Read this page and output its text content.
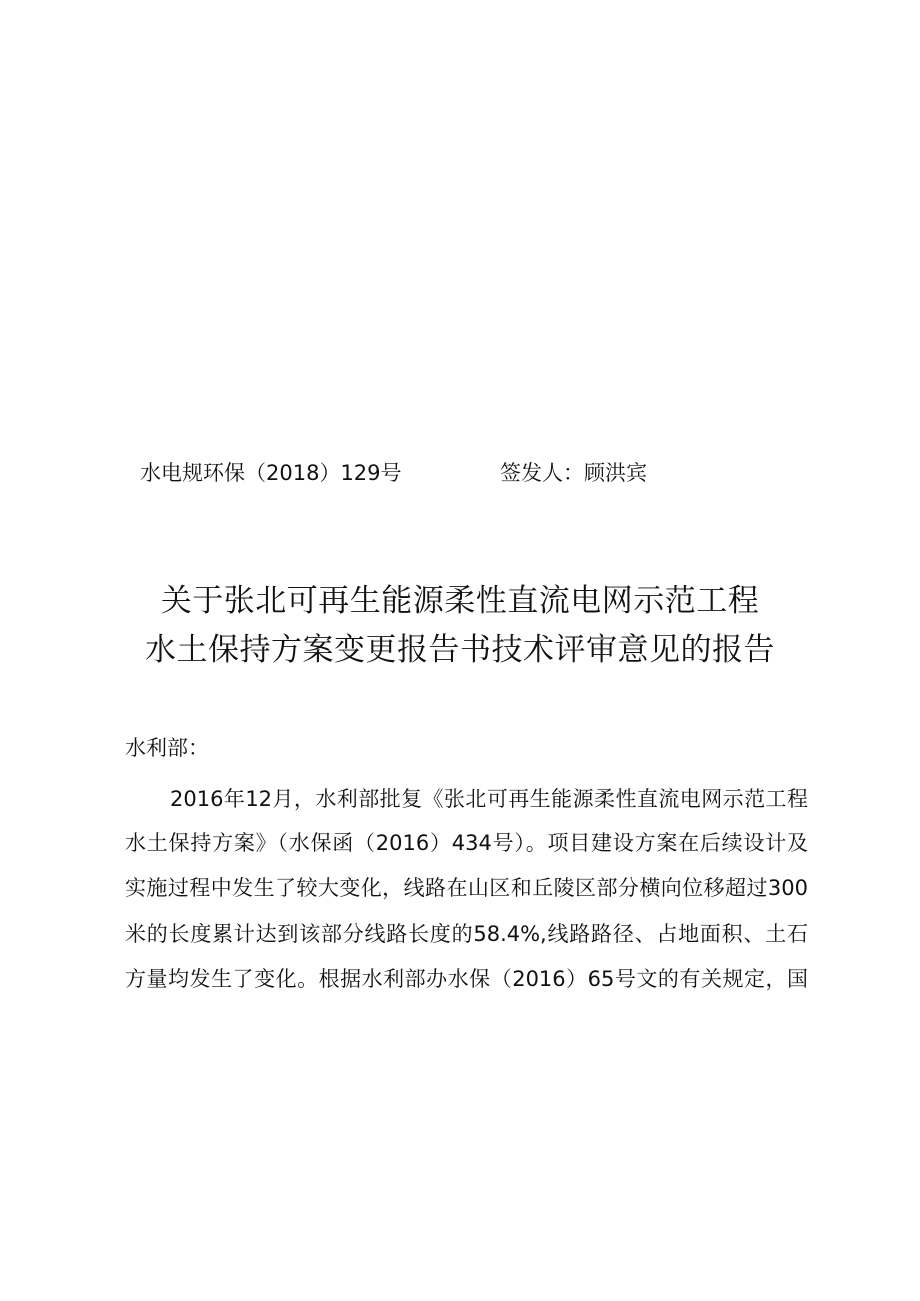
水电规环保（2018）129号	签发人：顾洪宾
关于张北可再生能源柔性直流电网示范工程
水土保持方案变更报告书技术评审意见的报告
水利部：
2016年12月，水利部批复《张北可再生能源柔性直流电网示范工程
水土保持方案》（水保函（2016）434号）。项目建设方案在后续设计及
实施过程中发生了较大变化，线路在山区和丘陵区部分横向位移超过300
米的长度累计达到该部分线路长度的58.4%,线路路径、占地面积、土石
方量均发生了变化。根据水利部办水保（2016）65号文的有关规定，国
